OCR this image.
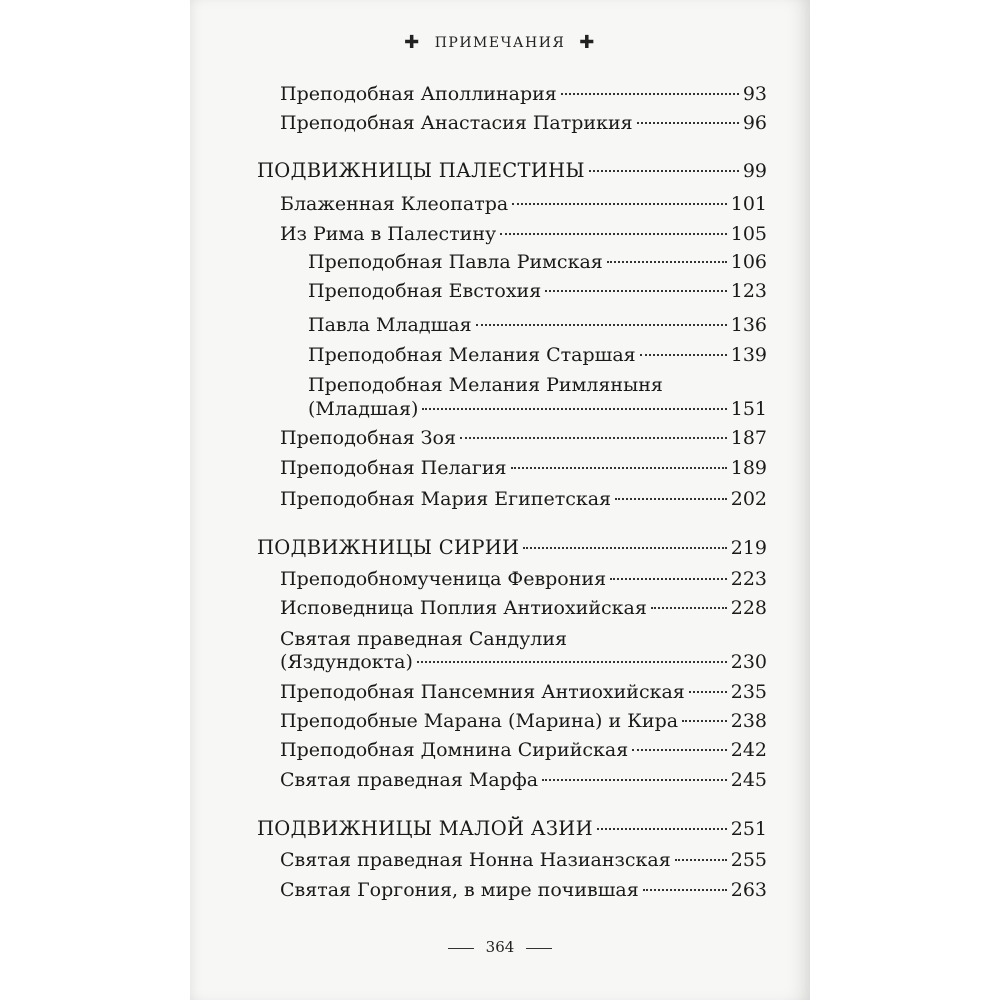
✚ ПРИМЕЧАНИЯ ✚
Преподобная Аполлинария	93
Преподобная Анастасия Патрикия	96
ПОДВИЖНИЦЫ ПАЛЕСТИНЫ	99
Блаженная Клеопатра	101
Из Рима в Палестину	105
Преподобная Павла Римская	106
Преподобная Евстохия	123
Павла Младшая	136
Преподобная Мелания Старшая	139
Преподобная Мелания Римляныня
(Младшая)	151
Преподобная Зоя	187
Преподобная Пелагия	189
Преподобная Мария Египетская	202
ПОДВИЖНИЦЫ СИРИИ	219
Преподобномученица Феврония	223
Исповедница Поплия Антиохийская	228
Святая праведная Сандулия
(Яздундокта)	230
Преподобная Пансемния Антиохийская 235
Преподобные Марана (Марина) и Кира	238
Преподобная Домнина Сирийская	242
Святая праведная Марфа	245
ПОДВИЖНИЦЫ МАЛОЙ АЗИИ	251
Святая праведная Нонна Назианзская	255
Святая Горгония, в мире почившая	263
364
